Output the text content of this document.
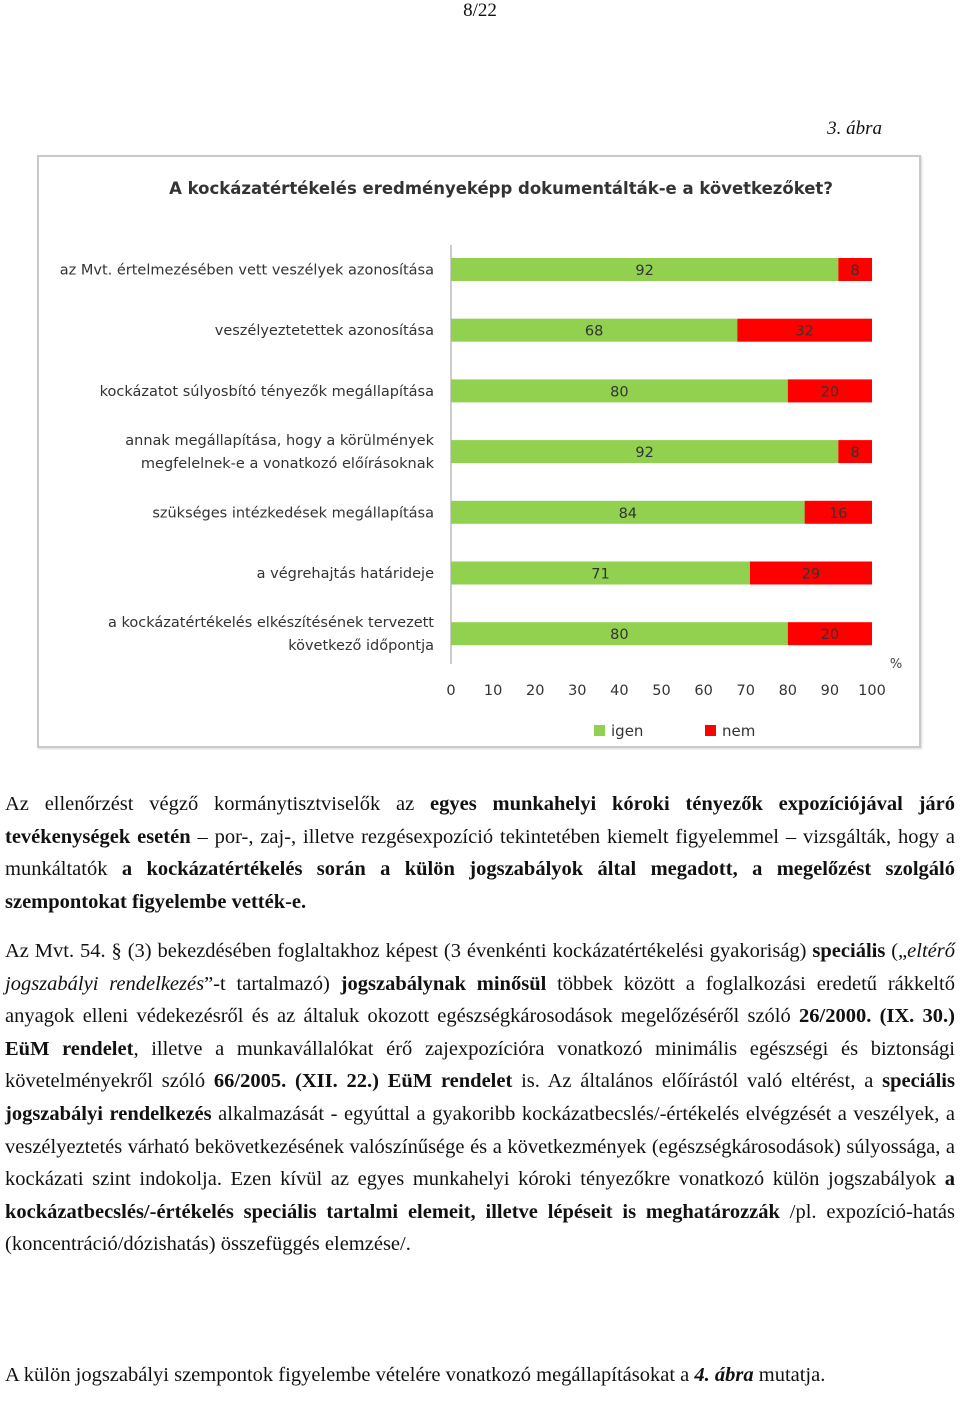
8/22
3. ábra
A kockázatértékelés eredményeképp dokumentálták-e a következőket?
az Mvt. értelmezésében vett veszélyek azonosítása	92	8
veszélyeztetettek azonosítása	68	32
kockázatot súlyosbító tényezők megállapítása	80	20
annak megállapítása, hogy a körülmények
megfelelnek-e a vonatkozó előírásoknak
92	8
szükséges intézkedések megállapítása	84	16
a végrehajtás határideje	71	29
a kockázatértékelés elkészítésének tervezett
következő időpontja
80	20
0 10 20 30 40 50 60 70 80 90 100
%
igen	nem
Az ellenőrzést végző kormánytisztviselők az egyes munkahelyi kóroki tényezők expozíciójával járó tevékenységek esetén – por-, zaj-, illetve rezgésexpozíció tekintetében kiemelt figyelemmel – vizsgálták, hogy a munkáltatók a kockázatértékelés során a külön jogszabályok által megadott, a megelőzést szolgáló szempontokat figyelembe vették-e.
Az Mvt. 54. § (3) bekezdésében foglaltakhoz képest (3 évenkénti kockázatértékelési gyakoriság) speciális („eltérő jogszabályi rendelkezés”-t tartalmazó) jogszabálynak minősül többek között a foglalkozási eredetű rákkeltő anyagok elleni védekezésről és az általuk okozott egészségkárosodások megelőzéséről szóló 26/2000. (IX. 30.) EüM rendelet, illetve a munkavállalókat érő zajexpozícióra vonatkozó minimális egészségi és biztonsági követelményekről szóló 66/2005. (XII. 22.) EüM rendelet is. Az általános előírástól való eltérést, a speciális jogszabályi rendelkezés alkalmazását - egyúttal a gyakoribb kockázatbecslés/-értékelés elvégzését a veszélyek, a veszélyeztetés várható bekövetkezésének valószínűsége és a következmények (egészségkárosodások) súlyossága, a kockázati szint indokolja. Ezen kívül az egyes munkahelyi kóroki tényezőkre vonatkozó külön jogszabályok a kockázatbecslés/-értékelés speciális tartalmi elemeit, illetve lépéseit is meghatározzák /pl. expozíció-hatás (koncentráció/dózishatás) összefüggés elemzése/.
A külön jogszabályi szempontok figyelembe vételére vonatkozó megállapításokat a 4. ábra mutatja.
